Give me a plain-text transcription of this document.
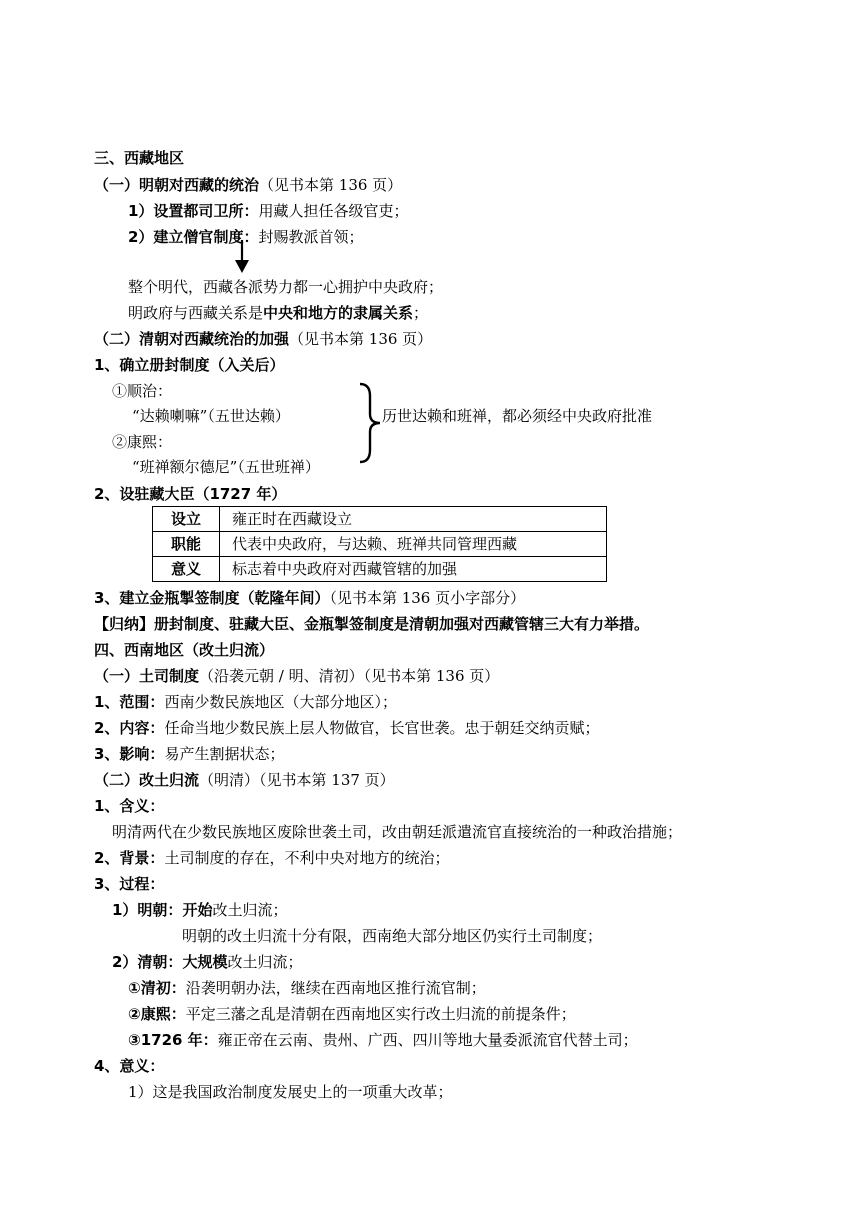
三、西藏地区
（一）明朝对西藏的统治（见书本第 136 页）
1）设置都司卫所：用藏人担任各级官吏；
2）建立僧官制度：封赐教派首领；
整个明代，西藏各派势力都一心拥护中央政府；
明政府与西藏关系是中央和地方的隶属关系；
（二）清朝对西藏统治的加强（见书本第 136 页）
1、确立册封制度（入关后）
①顺治：
“达赖喇嘛”（五世达赖）
②康熙：
“班禅额尔德尼”（五世班禅）
历世达赖和班禅，都必须经中央政府批准
2、设驻藏大臣（1727 年）
设立	雍正时在西藏设立
职能	代表中央政府，与达赖、班禅共同管理西藏
意义	标志着中央政府对西藏管辖的加强
3、建立金瓶掣签制度（乾隆年间）（见书本第 136 页小字部分）
【归纳】册封制度、驻藏大臣、金瓶掣签制度是清朝加强对西藏管辖三大有力举措。
四、西南地区（改土归流）
（一）土司制度（沿袭元朝 / 明、清初）（见书本第 136 页）
1、范围：西南少数民族地区（大部分地区）；
2、内容：任命当地少数民族上层人物做官，长官世袭。忠于朝廷交纳贡赋；
3、影响：易产生割据状态；
（二）改土归流（明清）（见书本第 137 页）
1、含义：
明清两代在少数民族地区废除世袭土司，改由朝廷派遣流官直接统治的一种政治措施；
2、背景：土司制度的存在，不利中央对地方的统治；
3、过程：
1）明朝：开始改土归流；
明朝的改土归流十分有限，西南绝大部分地区仍实行土司制度；
2）清朝：大规模改土归流；
①清初：沿袭明朝办法，继续在西南地区推行流官制；
②康熙：平定三藩之乱是清朝在西南地区实行改土归流的前提条件；
③1726 年：雍正帝在云南、贵州、广西、四川等地大量委派流官代替土司；
4、意义：
1）这是我国政治制度发展史上的一项重大改革；
